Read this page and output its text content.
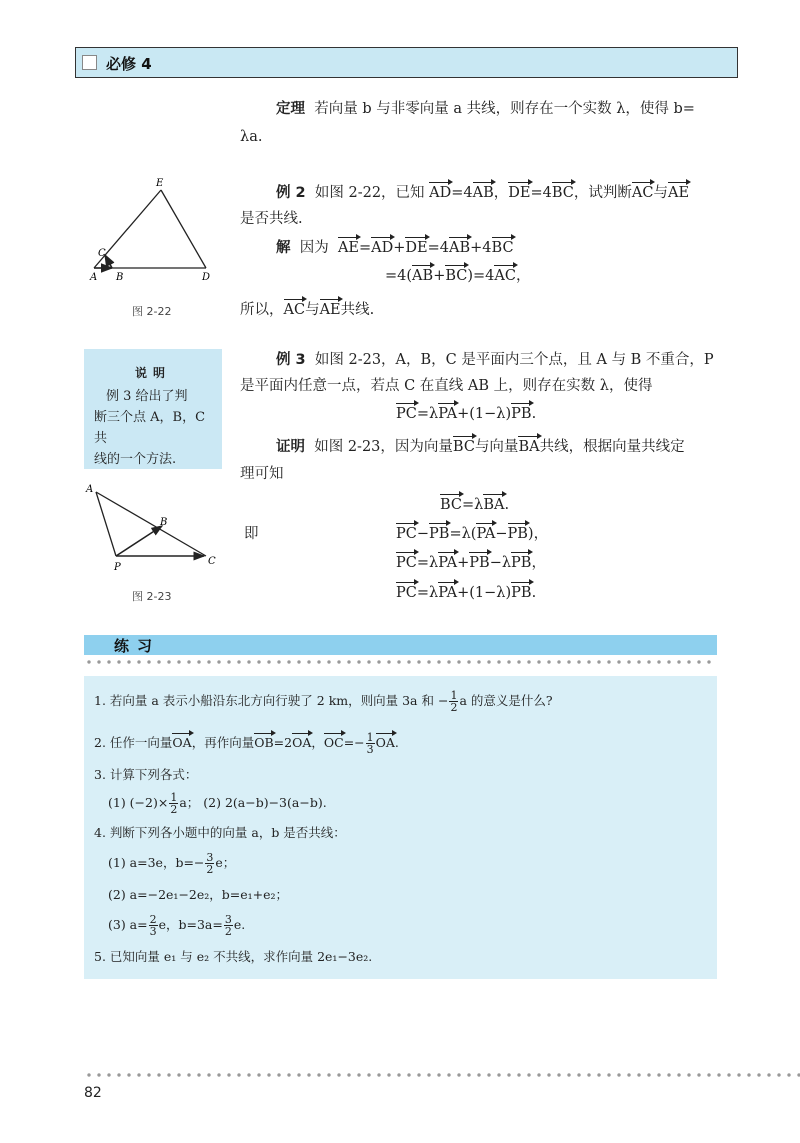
必修 4
定理 若向量 b 与非零向量 a 共线，则存在一个实数 λ，使得 b=
λa.
E
C
A B	D
图 2-22
例 2 如图 2-22，已知 AD=4AB，DE=4BC，试判断AC与AE
是否共线.
解 因为 AE=AD+DE=4AB+4BC
=4(AB+BC)=4AC，
所以，AC与AE共线.
说明
例 3 给出了判
断三个点 A，B，C 共
线的一个方法.
例 3 如图 2-23，A，B，C 是平面内三个点，且 A 与 B 不重合，P
是平面内任意一点，若点 C 在直线 AB 上，则存在实数 λ，使得
PC=λPA+(1−λ)PB.
证明 如图 2-23，因为向量BC与向量BA共线，根据向量共线定
理可知
BC=λBA.
即	PC−PB=λ(PA−PB)，
PC=λPA+PB−λPB，
PC=λPA+(1−λ)PB.
A
B
P
C
图 2-23
练习
1. 若向量 a 表示小船沿东北方向行驶了 2 km，则向量 3a 和 − $\frac{1}{2}$ a 的意义是什么?
2. 任作一向量OA，再作向量OB=2OA，$OC=- \frac{1}{3}$ OA.
3. 计算下列各式：
(1) $(-2)\times \frac{1}{2}$ a； (2) 2(a−b)−3(a−b).
4. 判断下列各小题中的向量 a，b 是否共线：
(1) a=3e，$b=- \frac{3}{2}$ e；
(2) a=−2e₁−2e₂，b=e₁+e₂；
(3) $a= \frac{2}{3}$ e，$b=3a= \frac{3}{2} e$.
5. 已知向量 e₁ 与 e₂ 不共线，求作向量 2e₁−3e₂.
82
